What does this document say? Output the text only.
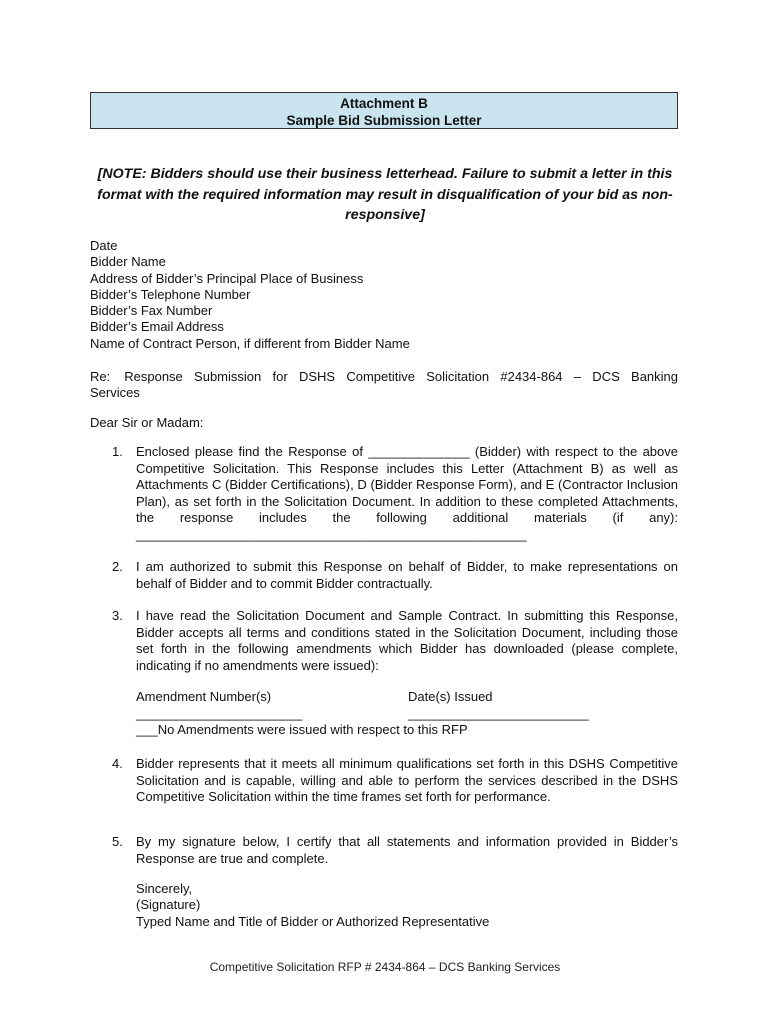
Attachment B
Sample Bid Submission Letter
[NOTE: Bidders should use their business letterhead. Failure to submit a letter in this format with the required information may result in disqualification of your bid as non-responsive]
Date
Bidder Name
Address of Bidder’s Principal Place of Business
Bidder’s Telephone Number
Bidder’s Fax Number
Bidder’s Email Address
Name of Contract Person, if different from Bidder Name
Re: Response Submission for DSHS Competitive Solicitation #2434-864 – DCS Banking
Services
Dear Sir or Madam:
1.	Enclosed please find the Response of ______________ (Bidder) with respect to the above Competitive Solicitation. This Response includes this Letter (Attachment B) as well as Attachments C (Bidder Certifications), D (Bidder Response Form), and E (Contractor Inclusion Plan), as set forth in the Solicitation Document. In addition to these completed Attachments, the response includes the following additional materials (if any): ______________________________________________________
2.	I am authorized to submit this Response on behalf of Bidder, to make representations on behalf of Bidder and to commit Bidder contractually.
3.	I have read the Solicitation Document and Sample Contract. In submitting this Response, Bidder accepts all terms and conditions stated in the Solicitation Document, including those set forth in the following amendments which Bidder has downloaded (please complete, indicating if no amendments were issued):
Amendment Number(s)	Date(s) Issued
_______________________	_________________________
___No Amendments were issued with respect to this RFP
4.	Bidder represents that it meets all minimum qualifications set forth in this DSHS Competitive Solicitation and is capable, willing and able to perform the services described in the DSHS Competitive Solicitation within the time frames set forth for performance.
5.	By my signature below, I certify that all statements and information provided in Bidder’s Response are true and complete.
Sincerely,
(Signature)
Typed Name and Title of Bidder or Authorized Representative
Competitive Solicitation RFP # 2434-864 – DCS Banking Services
